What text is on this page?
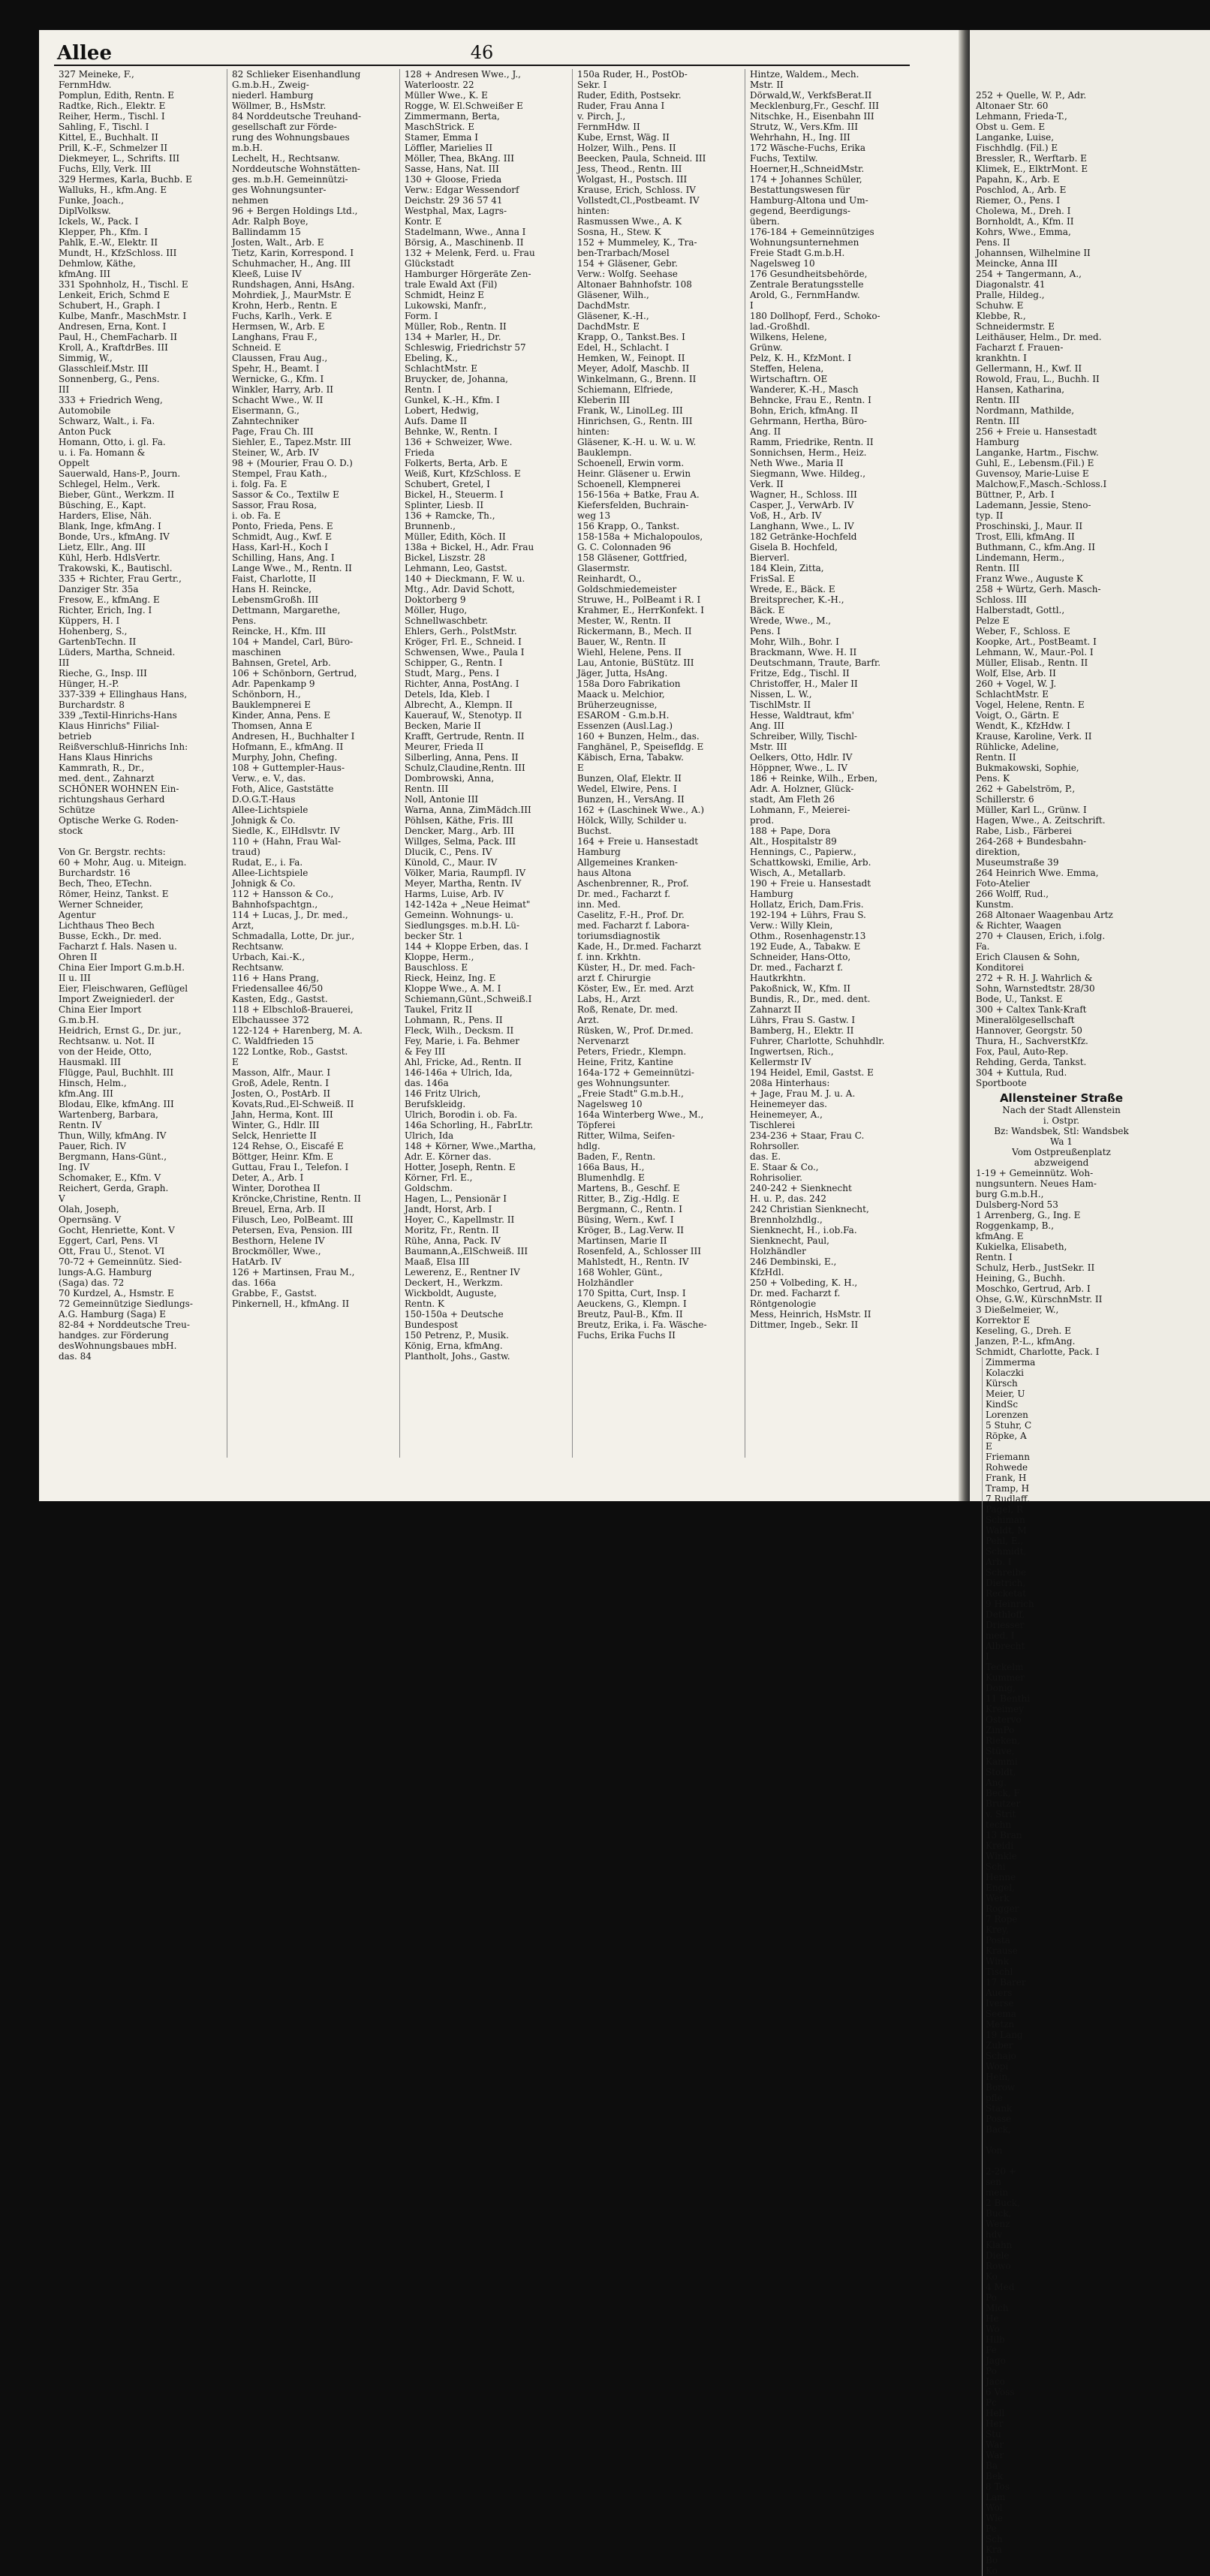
252 + Quelle, W. P., Adr.
Altonaer Str. 60
Lehmann, Frieda-T.,
Obst u. Gem. E
Langanke, Luise,
Fischhdlg. (Fil.) E
Bressler, R., Werftarb. E
Klimek, E., ElktrMont. E
Papahn, K., Arb. E
Poschlod, A., Arb. E
Riemer, O., Pens. I
Cholewa, M., Dreh. I
Bornholdt, A., Kfm. II
Kohrs, Wwe., Emma,
Pens. II
Johannsen, Wilhelmine II
Meincke, Anna III
254 + Tangermann, A.,
Diagonalstr. 41
Pralle, Hildeg.,
Schuhw. E
Klebbe, R.,
Schneidermstr. E
Leithäuser, Helm., Dr. med.
Facharzt f. Frauen-
krankhtn. I
Gellermann, H., Kwf. II
Rowold, Frau, L., Buchh. II
Hansen, Katharina,
Rentn. III
Nordmann, Mathilde,
Rentn. III
256 + Freie u. Hansestadt
Hamburg
Langanke, Hartm., Fischw.
Guhl, E., Lebensm.(Fil.) E
Guvensoy, Marie-Luise E
Malchow,F.,Masch.-Schloss.I
Büttner, P., Arb. I
Lademann, Jessie, Steno-
typ. II
Proschinski, J., Maur. II
Trost, Elli, kfmAng. II
Buthmann, C., kfm.Ang. II
Lindemann, Herm.,
Rentn. III
Franz Wwe., Auguste K
258 + Würtz, Gerh. Masch-
Schloss. III
Halberstadt, Gottl.,
Pelze E
Weber, F., Schloss. E
Koopke, Art., PostBeamt. I
Lehmann, W., Maur.-Pol. I
Müller, Elisab., Rentn. II
Wolf, Else, Arb. II
260 + Vogel, W. J.
SchlachtMstr. E
Vogel, Helene, Rentn. E
Voigt, O., Gärtn. E
Wendt, K., KfzHdw. I
Krause, Karoline, Verk. II
Rühlicke, Adeline,
Rentn. II
Bukmakowski, Sophie,
Pens. K
262 + Gabelström, P.,
Schillerstr. 6
Müller, Karl L., Grünw. I
Hagen, Wwe., A. Zeitschrift.
Rabe, Lisb., Färberei
264-268 + Bundesbahn-
direktion,
Museumstraße 39
264 Heinrich Wwe. Emma,
Foto-Atelier
266 Wolff, Rud.,
Kunstm.
268 Altonaer Waagenbau Artz
& Richter, Waagen
270 + Clausen, Erich, i.folg.
Fa.
Erich Clausen & Sohn,
Konditorei
272 + R. H. J. Wahrlich &
Sohn, Warnstedtstr. 28/30
Bode, U., Tankst. E
300 + Caltex Tank-Kraft
Mineralölgesellschaft
Hannover, Georgstr. 50
Thura, H., SachverstKfz.
Fox, Paul, Auto-Rep.
Rehding, Gerda, Tankst.
304 + Kuttula, Rud.
Sportboote
Allensteiner Straße
Nach der Stadt Allenstein
i. Ostpr.
Bz: Wandsbek, Stl: Wandsbek
Wa 1
Vom Ostpreußenplatz
abzweigend
1-19 + Gemeinnütz. Woh-
nungsuntern. Neues Ham-
burg G.m.b.H.,
Dulsberg-Nord 53
1 Arrenberg, G., Ing. E
Roggenkamp, B.,
kfmAng. E
Kukielka, Elisabeth,
Rentn. I
Schulz, Herb., JustSekr. II
Heining, G., Buchh.
Moschko, Gertrud, Arb. I
Ohse, G.W., KürschnMstr. II
3 Dießelmeier, W.,
Korrektor E
Keseling, G., Dreh. E
Janzen, P.-L., kfmAng.
Schmidt, Charlotte, Pack. I

Zimmerma
Kolaczki
Kürsch
Meier, U
KindSc
Lorenzen
5 Stuhr, C
Röpke, A
E
Friemann
Rohwede
Frank, H
Tramp, H
7 Rudlaff,
Pagel, R
Schiman
Waldt, M
Pehl, E.,
Schmidt,
Arb. I
Schreibe
Dietrich,
Recketat
9 Heinrich
Dethloff,
Driesser
med. I
Albrecht
I
Teckelm
Kummer
Donig,
11 Benthi
Kreimey
Ostervo
ZimPo
Rieken,
Stüve,
Kammi
Stoldt,
Ang.
Beck, F
Brutzer
v. Strit
techn
13 Bran
Kreidi
Winkle
Schi
Henne
Engel,
Werk
Rogger
7 Rope
Krey,
Posta
Krause
Wink
Tischl
17 Barer
Auers
Iverse
Seema
Metzn
19 Lang
Zuber
Schajo
Wopi
Hein,
Borow
pfle
Stank
Posse
Back,

Von

2-20 +
sen
mein
2 Buck,
Buck,
Wenz
hdv
Klahn
Diele
Rowo
Ko
4 Med
Po
Mich
He
Wo
Hilb
Fe
Jago
Po
Jaco
6 Voss
Pc
Hell
Her
Stu
War
War
Ba
Bek
8 Tos
Lam
Wol
Wie
Pe
Sch
Kra
Bo
Ko
Allee	46
327 Meineke, F.,
FernmHdw.
Pomplun, Edith, Rentn. E
Radtke, Rich., Elektr. E
Reiher, Herm., Tischl. I
Sahling, F., Tischl. I
Kittel, E., Buchhalt. II
Prill, K.-F., Schmelzer II
Diekmeyer, L., Schrifts. III
Fuchs, Elly, Verk. III
329 Hermes, Karla, Buchb. E
Walluks, H., kfm.Ang. E
Funke, Joach.,
DiplVolksw.
Ickels, W., Pack. I
Klepper, Ph., Kfm. I
Pahlk, E.-W., Elektr. II
Mundt, H., KfzSchloss. III
Dehmlow, Käthe,
kfmAng. III
331 Spohnholz, H., Tischl. E
Lenkeit, Erich, Schmd E
Schubert, H., Graph. I
Kulbe, Manfr., MaschMstr. I
Andresen, Erna, Kont. I
Paul, H., ChemFacharb. II
Kroll, A., KraftdrBes. III
Simmig, W.,
Glasschleif.Mstr. III
Sonnenberg, G., Pens.
III
333 + Friedrich Weng,
Automobile
Schwarz, Walt., i. Fa.
Anton Puck
Homann, Otto, i. gl. Fa.
u. i. Fa. Homann &
Oppelt
Sauerwald, Hans-P., Journ.
Schlegel, Helm., Verk.
Bieber, Günt., Werkzm. II
Büsching, E., Kapt.
Harders, Elise, Näh.
Blank, Inge, kfmAng. I
Bonde, Urs., kfmAng. IV
Lietz, Ellr., Ang. III
Kühl, Herb. HdlsVertr.
Trakowski, K., Bautischl.
335 + Richter, Frau Gertr.,
Danziger Str. 35a
Fresow, E., kfmAng. E
Richter, Erich, Ing. I
Küppers, H. I
Hohenberg, S.,
GartenbTechn. II
Lüders, Martha, Schneid.
III
Rieche, G., Insp. III
Hünger, H.-P.
337-339 + Ellinghaus Hans,
Burchardstr. 8
339 „Textil-Hinrichs-Hans
Klaus Hinrichs" Filial-
betrieb
Reißverschluß-Hinrichs Inh:
Hans Klaus Hinrichs
Kammrath, R., Dr.,
med. dent., Zahnarzt
SCHÖNER WOHNEN Ein-
richtungshaus Gerhard
Schütze
Optische Werke G. Roden-
stock

Von Gr. Bergstr. rechts:
60 + Mohr, Aug. u. Miteign.
Burchardstr. 16
Bech, Theo, ETechn.
Römer, Heinz, Tankst. E
Werner Schneider,
Agentur
Lichthaus Theo Bech
Busse, Eckh., Dr. med.
Facharzt f. Hals. Nasen u.
Ohren II
China Eier Import G.m.b.H.
II u. III
Eier, Fleischwaren, Geflügel
Import Zweigniederl. der
China Eier Import
G.m.b.H.
Heidrich, Ernst G., Dr. jur.,
Rechtsanw. u. Not. II
von der Heide, Otto,
Hausmakl. III
Flügge, Paul, Buchhlt. III
Hinsch, Helm.,
kfm.Ang. III
Blodau, Elke, kfmAng. III
Wartenberg, Barbara,
Rentn. IV
Thun, Willy, kfmAng. IV
Pauer, Rich. IV
Bergmann, Hans-Günt.,
Ing. IV
Schomaker, E., Kfm. V
Reichert, Gerda, Graph.
V
Olah, Joseph,
Opernsäng. V
Gocht, Henriette, Kont. V
Eggert, Carl, Pens. VI
Ott, Frau U., Stenot. VI
70-72 + Gemeinnütz. Sied-
lungs-A.G. Hamburg
(Saga) das. 72
70 Kurdzel, A., Hsmstr. E
72 Gemeinnützige Siedlungs-
A.G. Hamburg (Saga) E
82-84 + Norddeutsche Treu-
handges. zur Förderung
desWohnungsbaues mbH.
das. 84
82 Schlieker Eisenhandlung
G.m.b.H., Zweig-
niederl. Hamburg
Wöllmer, B., HsMstr.
84 Norddeutsche Treuhand-
gesellschaft zur Förde-
rung des Wohnungsbaues
m.b.H.
Lechelt, H., Rechtsanw.
Norddeutsche Wohnstätten-
ges. m.b.H. Gemeinnützi-
ges Wohnungsunter-
nehmen
96 + Bergen Holdings Ltd.,
Adr. Ralph Boye,
Ballindamm 15
Josten, Walt., Arb. E
Tietz, Karin, Korrespond. I
Schuhmacher, H., Ang. III
Kleeß, Luise IV
Rundshagen, Anni, HsAng.
Mohrdiek, J., MaurMstr. E
Krohn, Herb., Rentn. E
Fuchs, Karlh., Verk. E
Hermsen, W., Arb. E
Langhans, Frau F.,
Schneid. E
Claussen, Frau Aug.,
Spehr, H., Beamt. I
Wernicke, G., Kfm. I
Winkler, Harry, Arb. II
Schacht Wwe., W. II
Eisermann, G.,
Zahntechniker
Page, Frau Ch. III
Siehler, E., Tapez.Mstr. III
Steiner, W., Arb. IV
98 + (Mourier, Frau O. D.)
Stempel, Frau Kath.,
i. folg. Fa. E
Sassor & Co., Textilw E
Sassor, Frau Rosa,
i. ob. Fa. E
Ponto, Frieda, Pens. E
Schmidt, Aug., Kwf. E
Hass, Karl-H., Koch I
Schilling, Hans, Ang. I
Lange Wwe., M., Rentn. II
Faist, Charlotte, II
Hans H. Reincke,
LebensmGroßh. III
Dettmann, Margarethe,
Pens.
Reincke, H., Kfm. III
104 + Mandel, Carl, Büro-
maschinen
Bahnsen, Gretel, Arb.
106 + Schönborn, Gertrud,
Adr. Papenkamp 9
Schönborn, H.,
Bauklempnerei E
Kinder, Anna, Pens. E
Thomsen, Anna E
Andresen, H., Buchhalter I
Hofmann, E., kfmAng. II
Murphy, John, Chefing.
108 + Guttempler-Haus-
Verw., e. V., das.
Foth, Alice, Gaststätte
D.O.G.T.-Haus
Allee-Lichtspiele
Johnigk & Co.
Siedle, K., ElHdlsvtr. IV
110 + (Hahn, Frau Wal-
traud)
Rudat, E., i. Fa.
Allee-Lichtspiele
Johnigk & Co.
112 + Hansson & Co.,
Bahnhofspachtgn.,
114 + Lucas, J., Dr. med.,
Arzt,
Schmadalla, Lotte, Dr. jur.,
Rechtsanw.
Urbach, Kai.-K.,
Rechtsanw.
116 + Hans Prang,
Friedensallee 46/50
Kasten, Edg., Gastst.
118 + Elbschloß-Brauerei,
Elbchaussee 372
122-124 + Harenberg, M. A.
C. Waldfrieden 15
122 Lontke, Rob., Gastst.
E
Masson, Alfr., Maur. I
Groß, Adele, Rentn. I
Josten, O., PostArb. II
Kovats,Rud.,El-Schweiß. II
Jahn, Herma, Kont. III
Winter, G., Hdlr. III
Selck, Henriette II
124 Rehse, O., Eiscafé E
Böttger, Heinr. Kfm. E
Guttau, Frau I., Telefon. I
Deter, A., Arb. I
Winter, Dorothea II
Kröncke,Christine, Rentn. II
Breuel, Erna, Arb. II
Filusch, Leo, PolBeamt. III
Petersen, Eva, Pension. III
Besthorn, Helene IV
Brockmöller, Wwe.,
HatArb. IV
126 + Martinsen, Frau M.,
das. 166a
Grabbe, F., Gastst.
Pinkernell, H., kfmAng. II
128 + Andresen Wwe., J.,
Waterloostr. 22
Müller Wwe., K. E
Rogge, W. El.Schweißer E
Zimmermann, Berta,
MaschStrick. E
Stamer, Emma I
Löffler, Marielies II
Möller, Thea, BkAng. III
Sasse, Hans, Nat. III
130 + Gloose, Frieda
Verw.: Edgar Wessendorf
Deichstr. 29 36 57 41
Westphal, Max, Lagrs-
Kontr. E
Stadelmann, Wwe., Anna I
Börsig, A., Maschinenb. II
132 + Melenk, Ferd. u. Frau
Glückstadt
Hamburger Hörgeräte Zen-
trale Ewald Axt (Fil)
Schmidt, Heinz E
Lukowski, Manfr.,
Form. I
Müller, Rob., Rentn. II
134 + Marler, H., Dr.
Schleswig, Friedrichstr 57
Ebeling, K.,
SchlachtMstr. E
Bruycker, de, Johanna,
Rentn. I
Gunkel, K.-H., Kfm. I
Lobert, Hedwig,
Aufs. Dame II
Behnke, W., Rentn. I
136 + Schweizer, Wwe.
Frieda
Folkerts, Berta, Arb. E
Weiß, Kurt, KfzSchloss. E
Schubert, Gretel, I
Bickel, H., Steuerm. I
Splinter, Liesb. II
136 + Ramcke, Th.,
Brunnenb.,
Müller, Edith, Köch. II
138a + Bickel, H., Adr. Frau
Bickel, Liszstr. 28
Lehmann, Leo, Gastst.
140 + Dieckmann, F. W. u.
Mtg., Adr. David Schott,
Doktorberg 9
Möller, Hugo,
Schnellwaschbetr.
Ehlers, Gerh., PolstMstr.
Kröger, Frl. E., Schneid. I
Schwensen, Wwe., Paula I
Schipper, G., Rentn. I
Studt, Marg., Pens. I
Richter, Anna, PostAng. I
Detels, Ida, Kleb. I
Albrecht, A., Klempn. II
Kauerauf, W., Stenotyp. II
Becken, Marie II
Krafft, Gertrude, Rentn. II
Meurer, Frieda II
Silberling, Anna, Pens. II
Schulz,Claudine,Rentn. III
Dombrowski, Anna,
Rentn. III
Noll, Antonie III
Warna, Anna, ZimMädch.III
Pöhlsen, Käthe, Fris. III
Dencker, Marg., Arb. III
Willges, Selma, Pack. III
Dlucik, C., Pens. IV
Künold, C., Maur. IV
Völker, Maria, Raumpfl. IV
Meyer, Martha, Rentn. IV
Harms, Luise, Arb. IV
142-142a + „Neue Heimat"
Gemeinn. Wohnungs- u.
Siedlungsges. m.b.H. Lü-
becker Str. 1
144 + Kloppe Erben, das. I
Kloppe, Herm.,
Bauschloss. E
Rieck, Heinz, Ing. E
Kloppe Wwe., A. M. I
Schiemann,Günt.,Schweiß.I
Taukel, Fritz II
Lohmann, R., Pens. II
Fleck, Wilh., Decksm. II
Fey, Marie, i. Fa. Behmer
& Fey III
Ahl, Fricke, Ad., Rentn. II
146-146a + Ulrich, Ida,
das. 146a
146 Fritz Ulrich,
Berufskleidg.
Ulrich, Borodin i. ob. Fa.
146a Schorling, H., FabrLtr.
Ulrich, Ida
148 + Körner, Wwe.,Martha,
Adr. E. Körner das.
Hotter, Joseph, Rentn. E
Körner, Frl. E.,
Goldschm.
Hagen, L., Pensionär I
Jandt, Horst, Arb. I
Hoyer, C., Kapellmstr. II
Moritz, Fr., Rentn. II
Rühe, Anna, Pack. IV
Baumann,A.,ElSchweiß. III
Maaß, Elsa III
Lewerenz, E., Rentner IV
Deckert, H., Werkzm.
Wickboldt, Auguste,
Rentn. K
150-150a + Deutsche
Bundespost
150 Petrenz, P., Musik.
König, Erna, kfmAng.
Plantholt, Johs., Gastw.
150a Ruder, H., PostOb-
Sekr. I
Ruder, Edith, Postsekr.
Ruder, Frau Anna I
v. Pirch, J.,
FernmHdw. II
Kube, Ernst, Wäg. II
Holzer, Wilh., Pens. II
Beecken, Paula, Schneid. III
Jess, Theod., Rentn. III
Wolgast, H., Postsch. III
Krause, Erich, Schloss. IV
Vollstedt,Cl.,Postbeamt. IV
hinten:
Rasmussen Wwe., A. K
Sosna, H., Stew. K
152 + Mummeley, K., Tra-
ben-Trarbach/Mosel
154 + Gläsener, Gebr.
Verw.: Wolfg. Seehase
Altonaer Bahnhofstr. 108
Gläsener, Wilh.,
DachdMstr.
Gläsener, K.-H.,
DachdMstr. E
Krapp, O., Tankst.Bes. I
Edel, H., Schlacht. I
Hemken, W., Feinopt. II
Meyer, Adolf, Maschb. II
Winkelmann, G., Brenn. II
Schiemann, Elfriede,
Kleberin III
Frank, W., LinolLeg. III
Hinrichsen, G., Rentn. III
hinten:
Gläsener, K.-H. u. W. u. W.
Bauklempn.
Schoenell, Erwin vorm.
Heinr. Gläsener u. Erwin
Schoenell, Klempnerei
156-156a + Batke, Frau A.
Kiefersfelden, Buchrain-
weg 13
156 Krapp, O., Tankst.
158-158a + Michalopoulos,
G. C. Colonnaden 96
158 Gläsener, Gottfried,
Glasermstr.
Reinhardt, O.,
Goldschmiedemeister
Struwe, H., PolBeamt i R. I
Krahmer, E., HerrKonfekt. I
Mester, W., Rentn. II
Rickermann, B., Mech. II
Bauer, W., Rentn. II
Wiehl, Helene, Pens. II
Lau, Antonie, BüStütz. III
Jäger, Jutta, HsAng.
158a Doro Fabrikation
Maack u. Melchior,
Brüherzeugnisse,
ESAROM - G.m.b.H.
Essenzen (Ausl.Lag.)
160 + Bunzen, Helm., das.
Fanghänel, P., Speisefldg. E
Käbisch, Erna, Tabakw.
E
Bunzen, Olaf, Elektr. II
Wedel, Elwire, Pens. I
Bunzen, H., VersAng. II
162 + (Laschinek Wwe., A.)
Hölck, Willy, Schilder u.
Buchst.
164 + Freie u. Hansestadt
Hamburg
Allgemeines Kranken-
haus Altona
Aschenbrenner, R., Prof.
Dr. med., Facharzt f.
inn. Med.
Caselitz, F.-H., Prof. Dr.
med. Facharzt f. Labora-
toriumsdiagnostik
Kade, H., Dr.med. Facharzt
f. inn. Krkhtn.
Küster, H., Dr. med. Fach-
arzt f. Chirurgie
Köster, Ew., Er. med. Arzt
Labs, H., Arzt
Roß, Renate, Dr. med.
Arzt.
Rüsken, W., Prof. Dr.med.
Nervenarzt
Peters, Friedr., Klempn.
Heine, Fritz, Kantine
164a-172 + Gemeinnützi-
ges Wohnungsunter.
„Freie Stadt" G.m.b.H.,
Nagelsweg 10
164a Winterberg Wwe., M.,
Töpferei
Ritter, Wilma, Seifen-
hdlg.
Baden, F., Rentn.
166a Baus, H.,
Blumenhdlg. E
Martens, B., Geschf. E
Ritter, B., Zig.-Hdlg. E
Bergmann, C., Rentn. I
Büsing, Wern., Kwf. I
Kröger, B., Lag.Verw. II
Martinsen, Marie II
Rosenfeld, A., Schlosser III
Mahlstedt, H., Rentn. IV
168 Wohler, Günt.,
Holzhändler
170 Spitta, Curt, Insp. I
Aeuckens, G., Klempn. I
Breutz, Paul-B., Kfm. II
Breutz, Erika, i. Fa. Wäsche-
Fuchs, Erika Fuchs II
Hintze, Waldem., Mech.
Mstr. II
Dörwald,W., VerkfsBerat.II
Mecklenburg,Fr., Geschf. III
Nitschke, H., Eisenbahn III
Strutz, W., Vers.Kfm. III
Wehrhahn, H., Ing. III
172 Wäsche-Fuchs, Erika
Fuchs, Textilw.
Hoerner,H.,SchneidMstr.
174 + Johannes Schüler,
Bestattungswesen für
Hamburg-Altona und Um-
gegend, Beerdigungs-
übern.
176-184 + Gemeinnütziges
Wohnungsunternehmen
Freie Stadt G.m.b.H.
Nagelsweg 10
176 Gesundheitsbehörde,
Zentrale Beratungsstelle
Arold, G., FernmHandw.
I
180 Dollhopf, Ferd., Schoko-
lad.-Großhdl.
Wilkens, Helene,
Grünw.
Pelz, K. H., KfzMont. I
Steffen, Helena,
Wirtschaftrn. OE
Wanderer, K.-H., Masch
Behncke, Frau E., Rentn. I
Bohn, Erich, kfmAng. II
Gehrmann, Hertha, Büro-
Ang. II
Ramm, Friedrike, Rentn. II
Sonnichsen, Herm., Heiz.
Neth Wwe., Maria II
Siegmann, Wwe. Hildeg.,
Verk. II
Wagner, H., Schloss. III
Casper, J., VerwArb. IV
Voß, H., Arb. IV
Langhann, Wwe., L. IV
182 Getränke-Hochfeld
Gisela B. Hochfeld,
Bierverl.
184 Klein, Zitta,
FrisSal. E
Wrede, E., Bäck. E
Breitsprecher, K.-H.,
Bäck. E
Wrede, Wwe., M.,
Pens. I
Mohr, Wilh., Bohr. I
Brackmann, Wwe. H. II
Deutschmann, Traute, Barfr.
Fritze, Edg., Tischl. II
Christoffer, H., Maler II
Nissen, L. W.,
TischlMstr. II
Hesse, Waldtraut, kfm'
Ang. III
Schreiber, Willy, Tischl-
Mstr. III
Oelkers, Otto, Hdlr. IV
Höppner, Wwe., L. IV
186 + Reinke, Wilh., Erben,
Adr. A. Holzner, Glück-
stadt, Am Fleth 26
Lohmann, F., Meierei-
prod.
188 + Pape, Dora
Alt., Hospitalstr 89
Hennings, C., Papierw.,
Schattkowski, Emilie, Arb.
Wisch, A., Metallarb.
190 + Freie u. Hansestadt
Hamburg
Hollatz, Erich, Dam.Fris.
192-194 + Lührs, Frau S.
Verw.: Willy Klein,
Othm., Rosenhagenstr.13
192 Eude, A., Tabakw. E
Schneider, Hans-Otto,
Dr. med., Facharzt f.
Hautkrkhtn.
Pakoßnick, W., Kfm. II
Bundis, R., Dr., med. dent.
Zahnarzt II
Lührs, Frau S. Gastw. I
Bamberg, H., Elektr. II
Fuhrer, Charlotte, Schuhhdlr.
Ingwertsen, Rich.,
Kellermstr IV
194 Heidel, Emil, Gastst. E
208a Hinterhaus:
+ Jage, Frau M. J. u. A.
Heinemeyer das.
Heinemeyer, A.,
Tischlerei
234-236 + Staar, Frau C.
Rohrsoller.
das. E.
E. Staar & Co.,
Rohrisolier.
240-242 + Sienknecht
H. u. P., das. 242
242 Christian Sienknecht,
Brennholzhdlg.,
Sienknecht, H., i.ob.Fa.
Sienknecht, Paul,
Holzhändler
246 Dembinski, E.,
KfzHdl.
250 + Volbeding, K. H.,
Dr. med. Facharzt f.
Röntgenologie
Mess, Heinrich, HsMstr. II
Dittmer, Ingeb., Sekr. II
